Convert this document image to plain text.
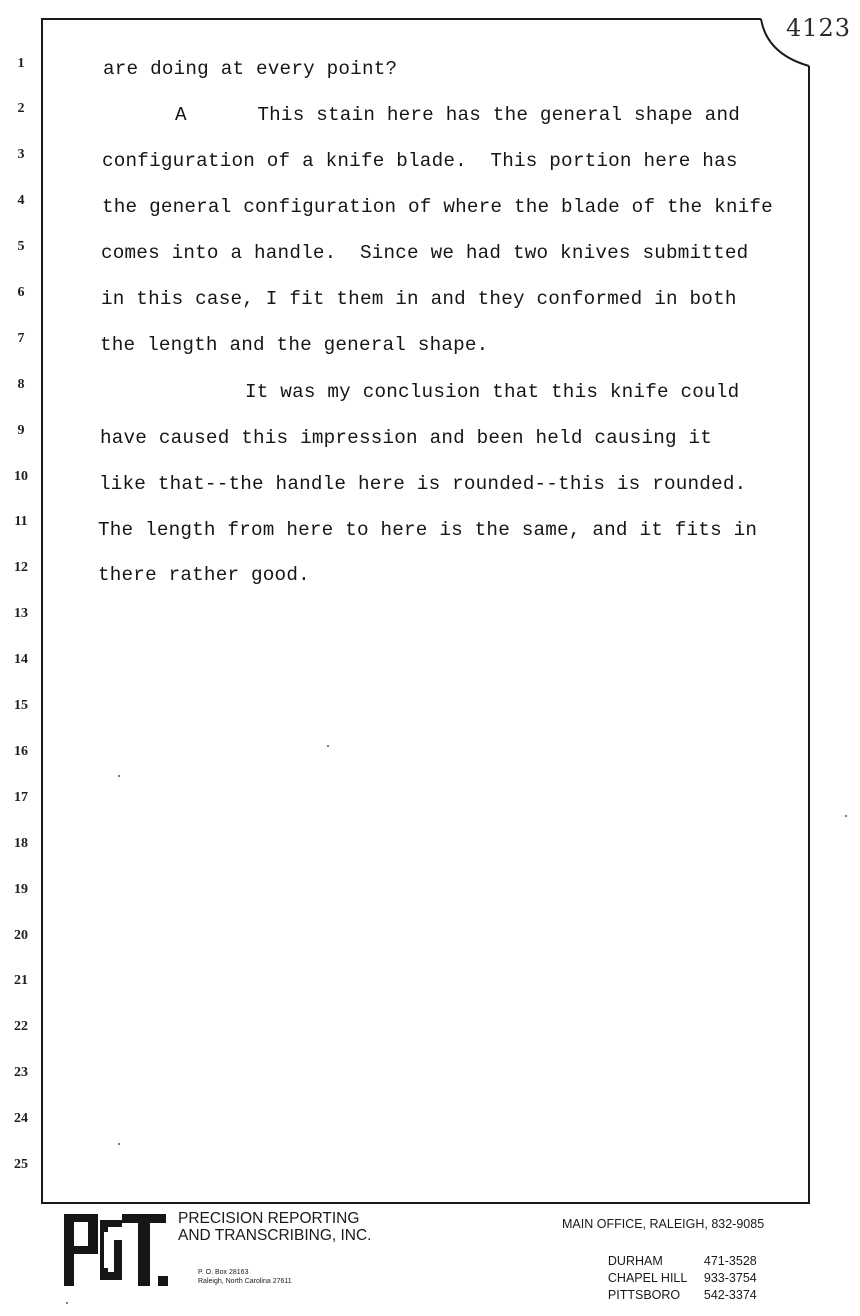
4123
1
2
3
4
5
6
7
8
9
10
11
12
13
14
15
16
17
18
19
20
21
22
23
24
25
are doing at every point?
A      This stain here has the general shape and
configuration of a knife blade.  This portion here has
the general configuration of where the blade of the knife
comes into a handle.  Since we had two knives submitted
in this case, I fit them in and they conformed in both
the length and the general shape.
It was my conclusion that this knife could
have caused this impression and been held causing it
like that--the handle here is rounded--this is rounded.
The length from here to here is the same, and it fits in
there rather good.
PRECISION REPORTING
AND TRANSCRIBING, INC.
P. O. Box 28163
Raleigh, North Carolina 27611
MAIN OFFICE, RALEIGH, 832-9085

DURHAM	471-3528

CHAPEL HILL 933-3754

PITTSBORO 542-3374
